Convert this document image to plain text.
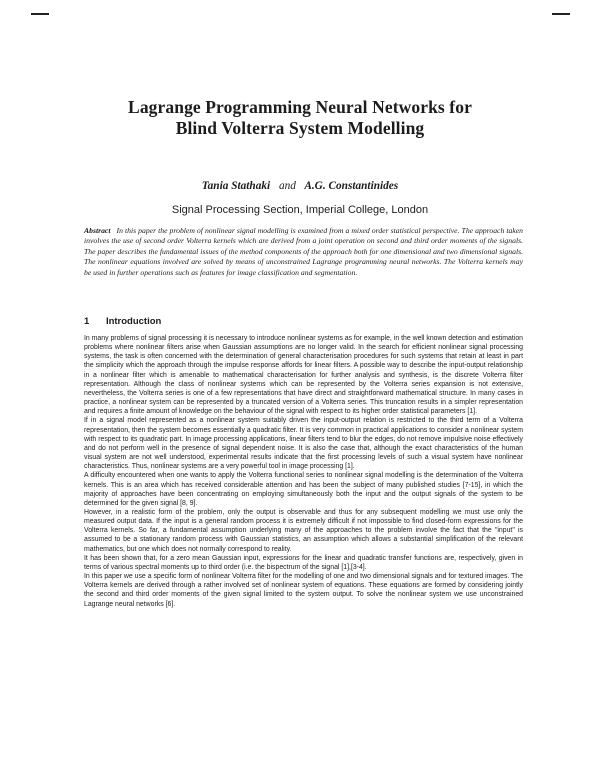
Lagrange Programming Neural Networks for
Blind Volterra System Modelling
Tania Stathaki and A.G. Constantinides
Signal Processing Section, Imperial College, London
Abstract In this paper the problem of nonlinear signal modelling is examined from a mixed order statistical perspective. The approach taken involves the use of second order Volterra kernels which are derived from a joint operation on second and third order moments of the signals. The paper describes the fundamental issues of the method components of the approach both for one dimensional and two dimensional signals. The nonlinear equations involved are solved by means of unconstrained Lagrange programming neural networks. The Volterra kernels may be used in further operations such as features for image classification and segmentation.
1 Introduction

In many problems of signal processing it is necessary to introduce nonlinear systems as for example, in the well known detection and estimation problems where nonlinear filters arise when Gaussian assumptions are no longer valid. In the search for efficient nonlinear signal processing systems, the task is often concerned with the determination of general characterisation procedures for such systems that retain at least in part the simplicity which the approach through the impulse response affords for linear filters. A possible way to describe the input-output relationship in a nonlinear filter which is amenable to mathematical characterisation for further analysis and synthesis, is the discrete Volterra filter representation. Although the class of nonlinear systems which can be represented by the Volterra series expansion is not extensive, nevertheless, the Volterra series is one of a few representations that have direct and straightforward mathematical structure. In many cases in practice, a nonlinear system can be represented by a truncated version of a Volterra series. This truncation results in a simpler representation and requires a finite amount of knowledge on the behaviour of the signal with respect to its higher order statistical parameters [1].

If in a signal model represented as a nonlinear system suitably driven the input-output relation is restricted to the third term of a Volterra representation, then the system becomes essentially a quadratic filter. It is very common in practical applications to consider a nonlinear system with respect to its quadratic part. In image processing applications, linear filters tend to blur the edges, do not remove impulsive noise effectively and do not perform well in the presence of signal dependent noise. It is also the case that, although the exact characteristics of the human visual system are not well understood, experimental results indicate that the first processing levels of such a visual system have nonlinear characteristics. Thus, nonlinear systems are a very powerful tool in image processing [1].

A difficulty encountered when one wants to apply the Volterra functional series to nonlinear signal modelling is the determination of the Volterra kernels. This is an area which has received considerable attention and has been the subject of many published studies [7-15], in which the majority of approaches have been concentrating on employing simultaneously both the input and the output signals of the system to be determined for the given signal [8, 9].

However, in a realistic form of the problem, only the output is observable and thus for any subsequent modelling we must use only the measured output data. If the input is a general random process it is extremely difficult if not impossible to find closed-form expressions for the Volterra kernels. So far, a fundamental assumption underlying many of the approaches to the problem involve the fact that the "input" is assumed to be a stationary random process with Gaussian statistics, an assumption which allows a substantial simplification of the relevant mathematics, but one which does not normally correspond to reality.

It has been shown that, for a zero mean Gaussian input, expressions for the linear and quadratic transfer functions are, respectively, given in terms of various spectral moments up to third order (i.e. the bispectrum of the signal [1],[3-4].

In this paper we use a specific form of nonlinear Volterra filter for the modelling of one and two dimensional signals and for textured images. The Volterra kernels are derived through a rather involved set of nonlinear system of equations. These equations are formed by considering jointly the second and third order moments of the given signal limited to the system output. To solve the nonlinear system we use unconstrained Lagrange neural networks [6].
